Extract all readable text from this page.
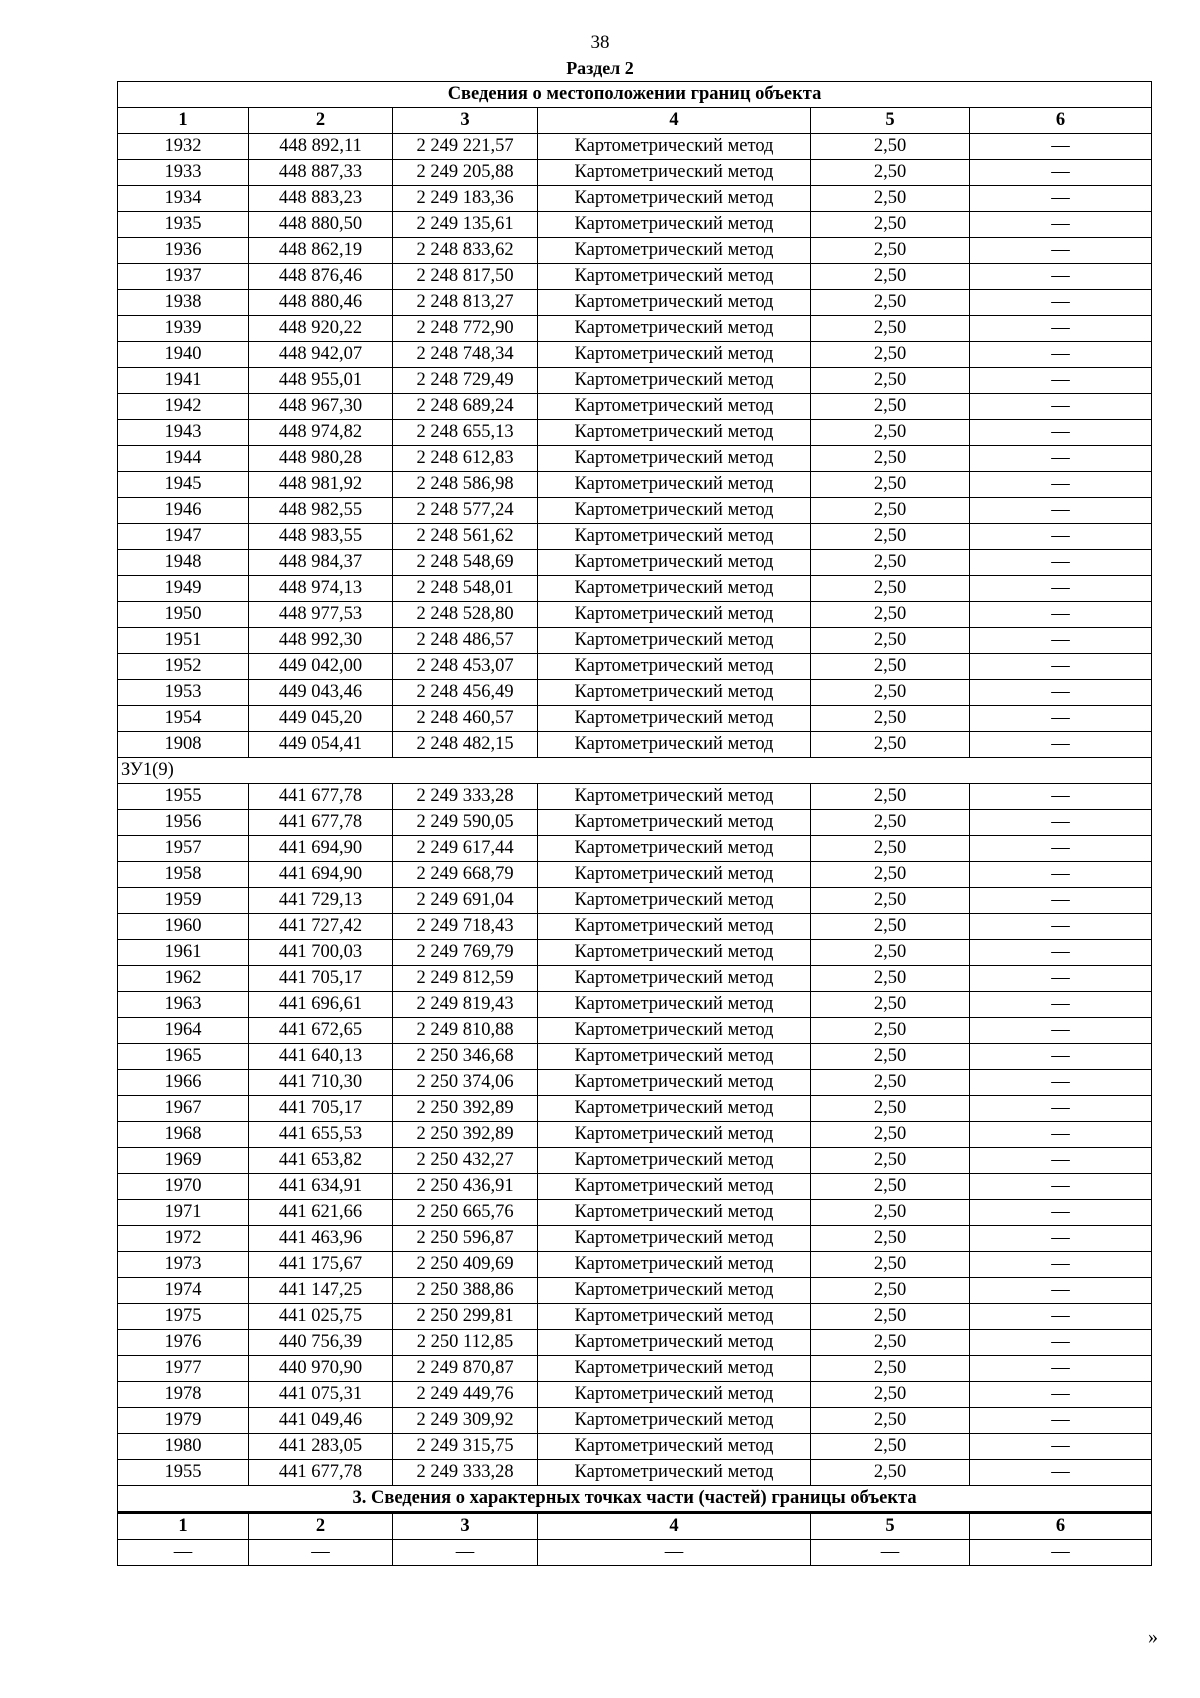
38
Раздел 2
Сведения о местоположении границ объекта					
1	2	3	4	5	6
1932	448 892,11	2 249 221,57	Картометрический метод	2,50	—
1933	448 887,33	2 249 205,88	Картометрический метод	2,50	—
1934	448 883,23	2 249 183,36	Картометрический метод	2,50	—
1935	448 880,50	2 249 135,61	Картометрический метод	2,50	—
1936	448 862,19	2 248 833,62	Картометрический метод	2,50	—
1937	448 876,46	2 248 817,50	Картометрический метод	2,50	—
1938	448 880,46	2 248 813,27	Картометрический метод	2,50	—
1939	448 920,22	2 248 772,90	Картометрический метод	2,50	—
1940	448 942,07	2 248 748,34	Картометрический метод	2,50	—
1941	448 955,01	2 248 729,49	Картометрический метод	2,50	—
1942	448 967,30	2 248 689,24	Картометрический метод	2,50	—
1943	448 974,82	2 248 655,13	Картометрический метод	2,50	—
1944	448 980,28	2 248 612,83	Картометрический метод	2,50	—
1945	448 981,92	2 248 586,98	Картометрический метод	2,50	—
1946	448 982,55	2 248 577,24	Картометрический метод	2,50	—
1947	448 983,55	2 248 561,62	Картометрический метод	2,50	—
1948	448 984,37	2 248 548,69	Картометрический метод	2,50	—
1949	448 974,13	2 248 548,01	Картометрический метод	2,50	—
1950	448 977,53	2 248 528,80	Картометрический метод	2,50	—
1951	448 992,30	2 248 486,57	Картометрический метод	2,50	—
1952	449 042,00	2 248 453,07	Картометрический метод	2,50	—
1953	449 043,46	2 248 456,49	Картометрический метод	2,50	—
1954	449 045,20	2 248 460,57	Картометрический метод	2,50	—
1908	449 054,41	2 248 482,15	Картометрический метод	2,50	—
ЗУ1(9)					
1955	441 677,78	2 249 333,28	Картометрический метод	2,50	—
1956	441 677,78	2 249 590,05	Картометрический метод	2,50	—
1957	441 694,90	2 249 617,44	Картометрический метод	2,50	—
1958	441 694,90	2 249 668,79	Картометрический метод	2,50	—
1959	441 729,13	2 249 691,04	Картометрический метод	2,50	—
1960	441 727,42	2 249 718,43	Картометрический метод	2,50	—
1961	441 700,03	2 249 769,79	Картометрический метод	2,50	—
1962	441 705,17	2 249 812,59	Картометрический метод	2,50	—
1963	441 696,61	2 249 819,43	Картометрический метод	2,50	—
1964	441 672,65	2 249 810,88	Картометрический метод	2,50	—
1965	441 640,13	2 250 346,68	Картометрический метод	2,50	—
1966	441 710,30	2 250 374,06	Картометрический метод	2,50	—
1967	441 705,17	2 250 392,89	Картометрический метод	2,50	—
1968	441 655,53	2 250 392,89	Картометрический метод	2,50	—
1969	441 653,82	2 250 432,27	Картометрический метод	2,50	—
1970	441 634,91	2 250 436,91	Картометрический метод	2,50	—
1971	441 621,66	2 250 665,76	Картометрический метод	2,50	—
1972	441 463,96	2 250 596,87	Картометрический метод	2,50	—
1973	441 175,67	2 250 409,69	Картометрический метод	2,50	—
1974	441 147,25	2 250 388,86	Картометрический метод	2,50	—
1975	441 025,75	2 250 299,81	Картометрический метод	2,50	—
1976	440 756,39	2 250 112,85	Картометрический метод	2,50	—
1977	440 970,90	2 249 870,87	Картометрический метод	2,50	—
1978	441 075,31	2 249 449,76	Картометрический метод	2,50	—
1979	441 049,46	2 249 309,92	Картометрический метод	2,50	—
1980	441 283,05	2 249 315,75	Картометрический метод	2,50	—
1955	441 677,78	2 249 333,28	Картометрический метод	2,50	—
3. Сведения о характерных точках части (частей) границы объекта					
1	2	3	4	5	6
—	—	—	—	—	—
»
